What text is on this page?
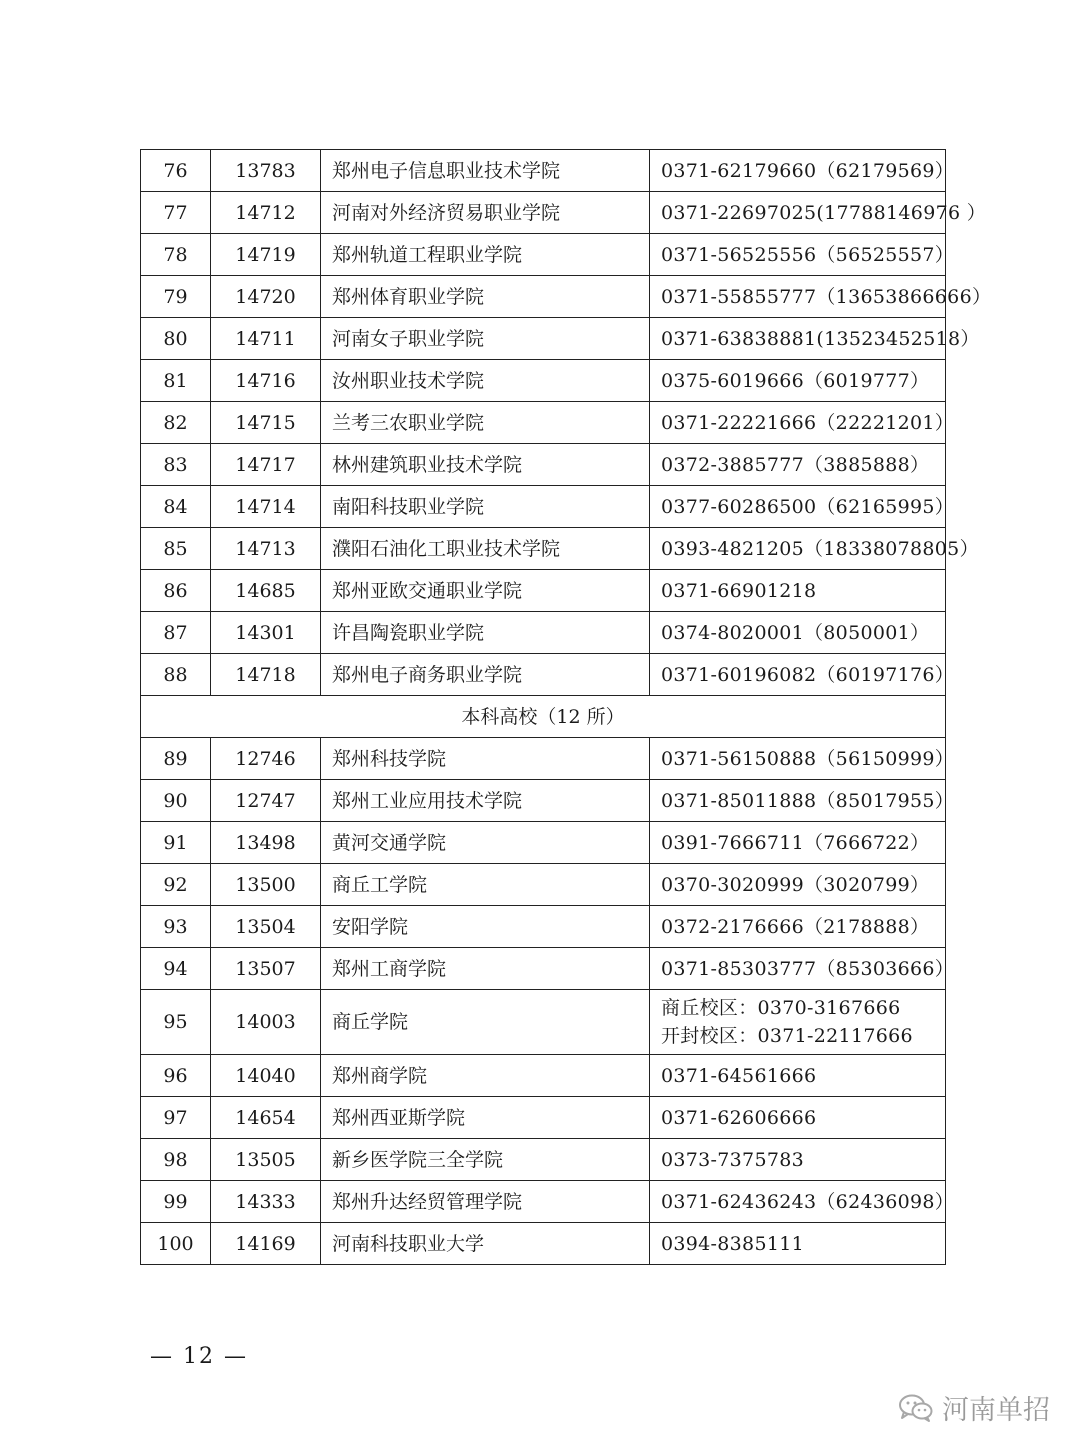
76	13783	郑州电子信息职业技术学院	0371-62179660（62179569）
77	14712	河南对外经济贸易职业学院	0371-22697025(17788146976 ）
78	14719	郑州轨道工程职业学院	0371-56525556（56525557）
79	14720	郑州体育职业学院	0371-55855777（13653866666）
80	14711	河南女子职业学院	0371-63838881(13523452518）
81	14716	汝州职业技术学院	0375-6019666（6019777）
82	14715	兰考三农职业学院	0371-22221666（22221201）
83	14717	林州建筑职业技术学院	0372-3885777（3885888）
84	14714	南阳科技职业学院	0377-60286500（62165995）
85	14713	濮阳石油化工职业技术学院	0393-4821205（18338078805）
86	14685	郑州亚欧交通职业学院	0371-66901218
87	14301	许昌陶瓷职业学院	0374-8020001（8050001）
88	14718	郑州电子商务职业学院	0371-60196082（60197176）
本科高校（12 所）			
89	12746	郑州科技学院	0371-56150888（56150999）
90	12747	郑州工业应用技术学院	0371-85011888（85017955）
91	13498	黄河交通学院	0391-7666711（7666722）
92	13500	商丘工学院	0370-3020999（3020799）
93	13504	安阳学院	0372-2176666（2178888）
94	13507	郑州工商学院	0371-85303777（85303666）
95	14003	商丘学院	商丘校区：0370-3167666
开封校区：0371-22117666

96	14040	郑州商学院	0371-64561666
97	14654	郑州西亚斯学院	0371-62606666
98	13505	新乡医学院三全学院	0373-7375783
99	14333	郑州升达经贸管理学院	0371-62436243（62436098）
100	14169	河南科技职业大学	0394-8385111
— 12 —
河南单招
